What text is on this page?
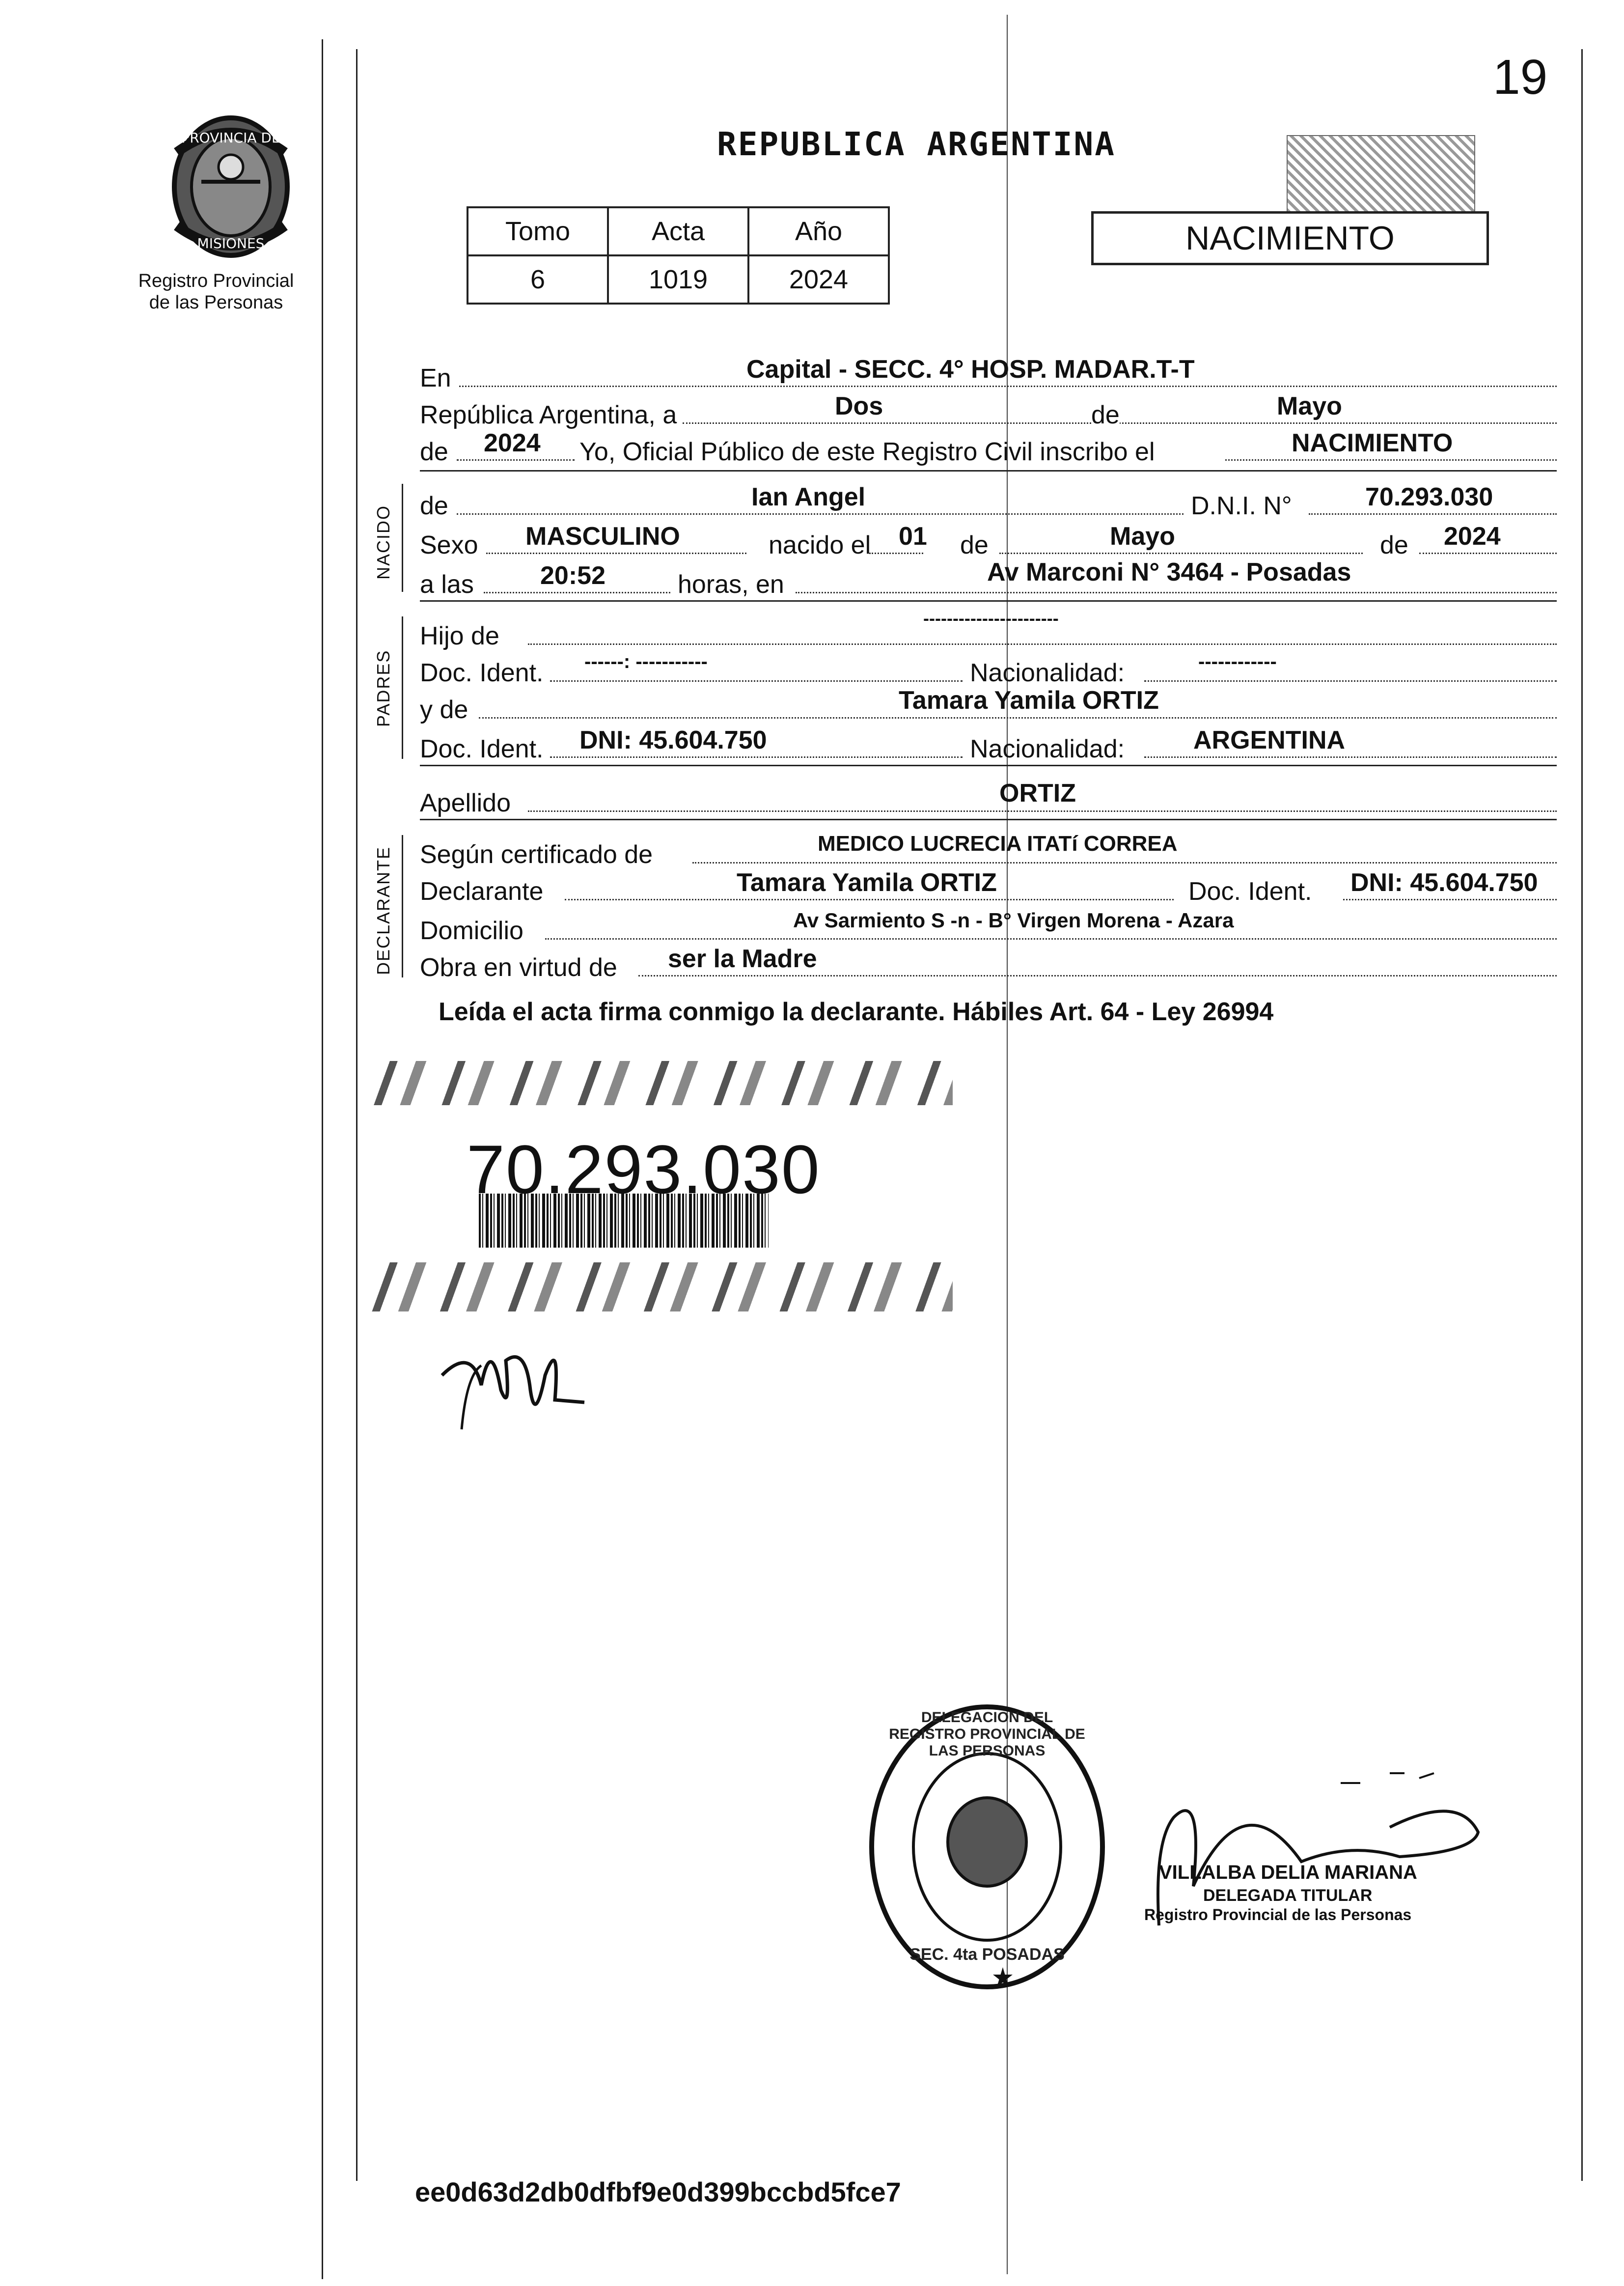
19
PROVINCIA DE
MISIONES
Registro Provincial
de las Personas
REPUBLICA ARGENTINA
Tomo	Acta	Año
6	1019	2024
NACIMIENTO
En	Capital - SECC. 4° HOSP. MADAR.T-T
República Argentina, a	Dos	de	Mayo
de 2024 Yo, Oficial Público de este Registro Civil inscribo el	NACIMIENTO
NACIDO de	Ian Angel	D.N.I. N°	70.293.030
Sexo MASCULINO	nacido el 01 de	Mayo	de 2024
a las	20:52	horas, en	Av Marconi N° 3464 - Posadas
PADRES
Hijo de
-----------------------
Doc. Ident. ------: -----------	Nacionalidad:	------------
y de	Tamara Yamila ORTIZ
Doc. Ident. DNI: 45.604.750	Nacionalidad:	ARGENTINA
Apellido	ORTIZ
DECLARANTE Según certificado de	MEDICO LUCRECIA ITATí CORREA
Declarante	Tamara Yamila ORTIZ	Doc. Ident. DNI: 45.604.750
Domicilio	Av Sarmiento S -n - B° Virgen Morena - Azara
Obra en virtud de ser la Madre
Leída el acta firma conmigo la declarante. Hábiles Art. 64 - Ley 26994
70.293.030
DELEGACION DEL REGISTRO PROVINCIAL DE LAS PERSONAS
SEC. 4ta POSADAS
VILLALBA DELIA MARIANA
DELEGADA TITULAR
Registro Provincial de las Personas
ee0d63d2db0dfbf9e0d399bccbd5fce7
